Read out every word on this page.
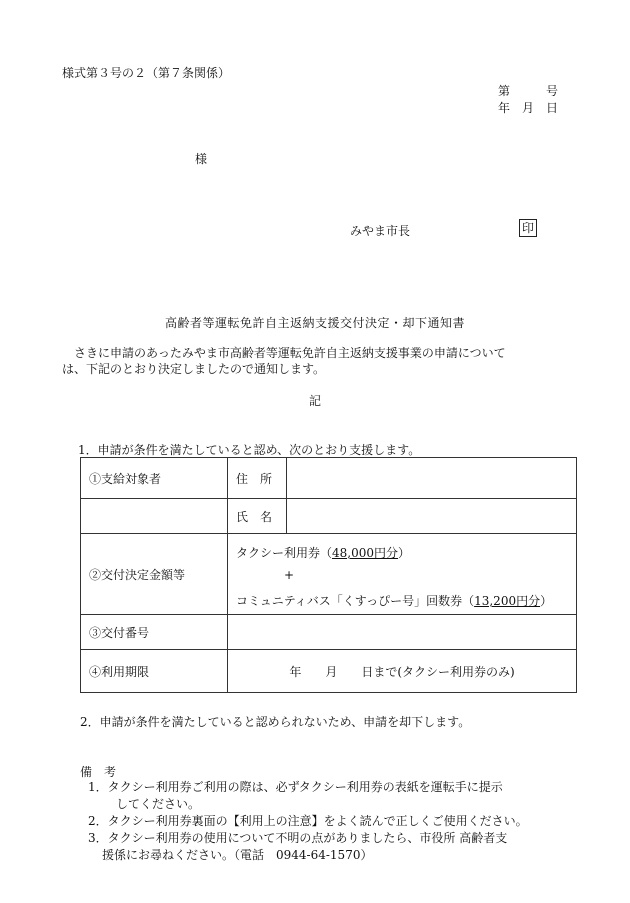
様式第３号の２（第７条関係）
第　　　号
年　月　日
様
みやま市長	印
高齢者等運転免許自主返納支援交付決定・却下通知書
さきに申請のあったみやま市高齢者等運転免許自主返納支援事業の申請について
は、下記のとおり決定しましたので通知します。
記
1．申請が条件を満たしていると認め、次のとおり支援します。
①支給対象者	住　所	
	氏　名	
②交付決定金額等	タクシー利用券（48,000円分）
+
コミュニティバス「くすっぴー号」回数券（13,200円分）	

③交付番号		
④利用期限	年　　月　　日まで(タクシー利用券のみ)	
2．申請が条件を満たしていると認められないため、申請を却下します。
備　考
1．タクシー利用券ご利用の際は、必ずタクシー利用券の表紙を運転手に提示
してください。
2．タクシー利用券裏面の【利用上の注意】をよく読んで正しくご使用ください。
3．タクシー利用券の使用について不明の点がありましたら、市役所 高齢者支
援係にお尋ねください。（電話　0944-64-1570）
